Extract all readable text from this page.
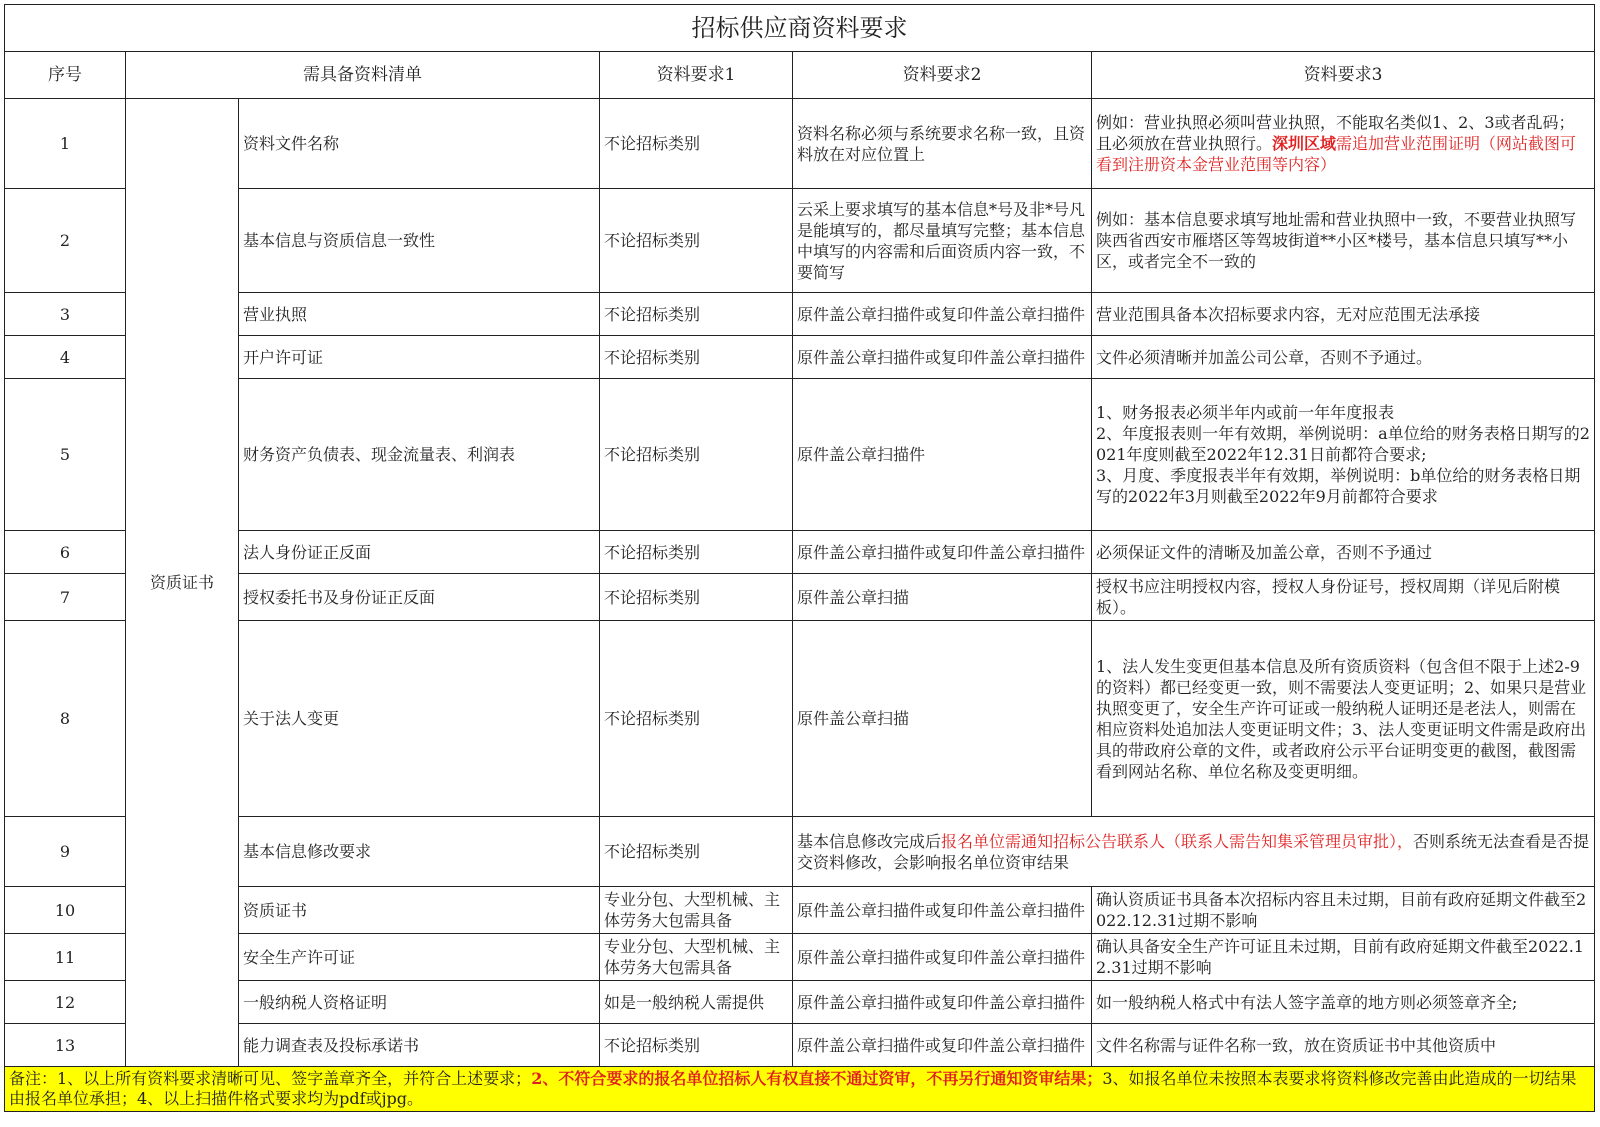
招标供应商资料要求					
序号	需具备资料清单		资料要求1	资料要求2	资料要求3
1	资质证书	资料文件名称	不论招标类别	资料名称必须与系统要求名称一致，且资料放在对应位置上	例如：营业执照必须叫营业执照，不能取名类似1、2、3或者乱码；且必须放在营业执照行。深圳区域需追加营业范围证明（网站截图可看到注册资本金营业范围等内容）
2		基本信息与资质信息一致性	不论招标类别	云采上要求填写的基本信息*号及非*号凡是能填写的，都尽量填写完整；基本信息中填写的内容需和后面资质内容一致，不要简写	例如：基本信息要求填写地址需和营业执照中一致，不要营业执照写陕西省西安市雁塔区等驾坡街道**小区*楼号，基本信息只填写**小区，或者完全不一致的
3		营业执照	不论招标类别	原件盖公章扫描件或复印件盖公章扫描件	营业范围具备本次招标要求内容，无对应范围无法承接
4		开户许可证	不论招标类别	原件盖公章扫描件或复印件盖公章扫描件	文件必须清晰并加盖公司公章，否则不予通过。
5		财务资产负债表、现金流量表、利润表	不论招标类别	原件盖公章扫描件	1、财务报表必须半年内或前一年年度报表
2、年度报表则一年有效期，举例说明：a单位给的财务表格日期写的2021年度则截至2022年12.31日前都符合要求;
3、月度、季度报表半年有效期，举例说明：b单位给的财务表格日期写的2022年3月则截至2022年9月前都符合要求

6		法人身份证正反面	不论招标类别	原件盖公章扫描件或复印件盖公章扫描件	必须保证文件的清晰及加盖公章，否则不予通过
7		授权委托书及身份证正反面	不论招标类别	原件盖公章扫描	授权书应注明授权内容，授权人身份证号，授权周期（详见后附模板）。
8		关于法人变更	不论招标类别	原件盖公章扫描	1、法人发生变更但基本信息及所有资质资料（包含但不限于上述2-9的资料）都已经变更一致，则不需要法人变更证明；2、如果只是营业执照变更了，安全生产许可证或一般纳税人证明还是老法人，则需在相应资料处追加法人变更证明文件；3、法人变更证明文件需是政府出具的带政府公章的文件，或者政府公示平台证明变更的截图，截图需看到网站名称、单位名称及变更明细。
9		基本信息修改要求	不论招标类别	基本信息修改完成后报名单位需通知招标公告联系人（联系人需告知集采管理员审批），否则系统无法查看是否提交资料修改，会影响报名单位资审结果	
10		资质证书	专业分包、大型机械、主体劳务大包需具备	原件盖公章扫描件或复印件盖公章扫描件	确认资质证书具备本次招标内容且未过期，目前有政府延期文件截至2022.12.31过期不影响
11		安全生产许可证	专业分包、大型机械、主体劳务大包需具备	原件盖公章扫描件或复印件盖公章扫描件	确认具备安全生产许可证且未过期，目前有政府延期文件截至2022.12.31过期不影响
12		一般纳税人资格证明	如是一般纳税人需提供	原件盖公章扫描件或复印件盖公章扫描件	如一般纳税人格式中有法人签字盖章的地方则必须签章齐全;
13		能力调查表及投标承诺书	不论招标类别	原件盖公章扫描件或复印件盖公章扫描件	文件名称需与证件名称一致，放在资质证书中其他资质中
备注：1、以上所有资料要求清晰可见、签字盖章齐全，并符合上述要求；2、不符合要求的报名单位招标人有权直接不通过资审，不再另行通知资审结果；3、如报名单位未按照本表要求将资料修改完善由此造成的一切结果由报名单位承担；4、以上扫描件格式要求均为pdf或jpg。					
